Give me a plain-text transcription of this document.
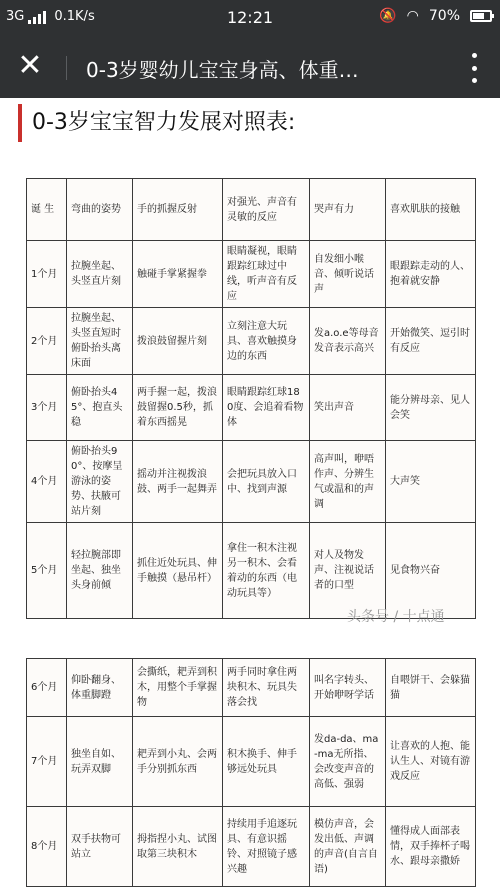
3G 0.1K/s	12:21	🔕 ◠ 70%
✕ 0-3岁婴幼儿宝宝身高、体重…
0-3岁宝宝智力发展对照表:
诞 生	弯曲的姿势	手的抓握反射	对强光、声音有灵敏的反应	哭声有力	喜欢肌肤的接触
1个月	拉腕坐起、头竖直片刻	触碰手掌紧握拳	眼睛凝视，眼睛跟踪红球过中线，听声音有反应	自发细小喉音、倾听说话声	眼跟踪走动的人、抱着就安静
2个月	拉腕坐起、头竖直短时俯卧抬头离床面	拨浪鼓留握片刻	立刻注意大玩具、喜欢触摸身边的东西	发a.o.e等母音发音表示高兴	开始微笑、逗引时有反应
3个月	俯卧抬头45°、抱直头稳	两手握一起，拨浪鼓留握0.5秒，抓着东西摇晃	眼睛跟踪红球180度、会追着看物体	笑出声音	能分辨母亲、见人会笑
4个月	俯卧抬头90°、按摩呈游泳的姿势、扶腋可站片刻	摇动并注视拨浪鼓、两手一起舞弄	会把玩具放入口中、找到声源	高声叫，咿唔作声、分辨生气或温和的声调	大声笑
5个月	轻拉腕部即坐起、独坐头身前倾	抓住近处玩具、伸手触摸（悬吊杆）	拿住一积木注视另一积木、会看着动的东西（电动玩具等）	对人及物发声、注视说话者的口型	见食物兴奋
头条号 / 十点通
6个月	仰卧翻身、体重脚蹬	会撕纸，耙弄到积木，用整个手掌握物	两手同时拿住两块积木、玩具失落会找	叫名字转头、开始咿呀学话	自喂饼干、会躲猫猫
7个月	独坐自如、玩弄双脚	耙弄到小丸、会两手分别抓东西	积木换手、伸手够远处玩具	发da-da、ma-ma无所指、会改变声音的高低、强弱	让喜欢的人抱、能认生人、对镜有游戏反应
8个月	双手扶物可站立	拇指捏小丸、试图取第三块积木	持续用手追逐玩具、有意识摇铃、对照镜子感兴趣	模仿声音，会发出低、声调的声音(自言自语)	懂得成人面部表情，双手捧杯子喝水、跟母亲撒娇
